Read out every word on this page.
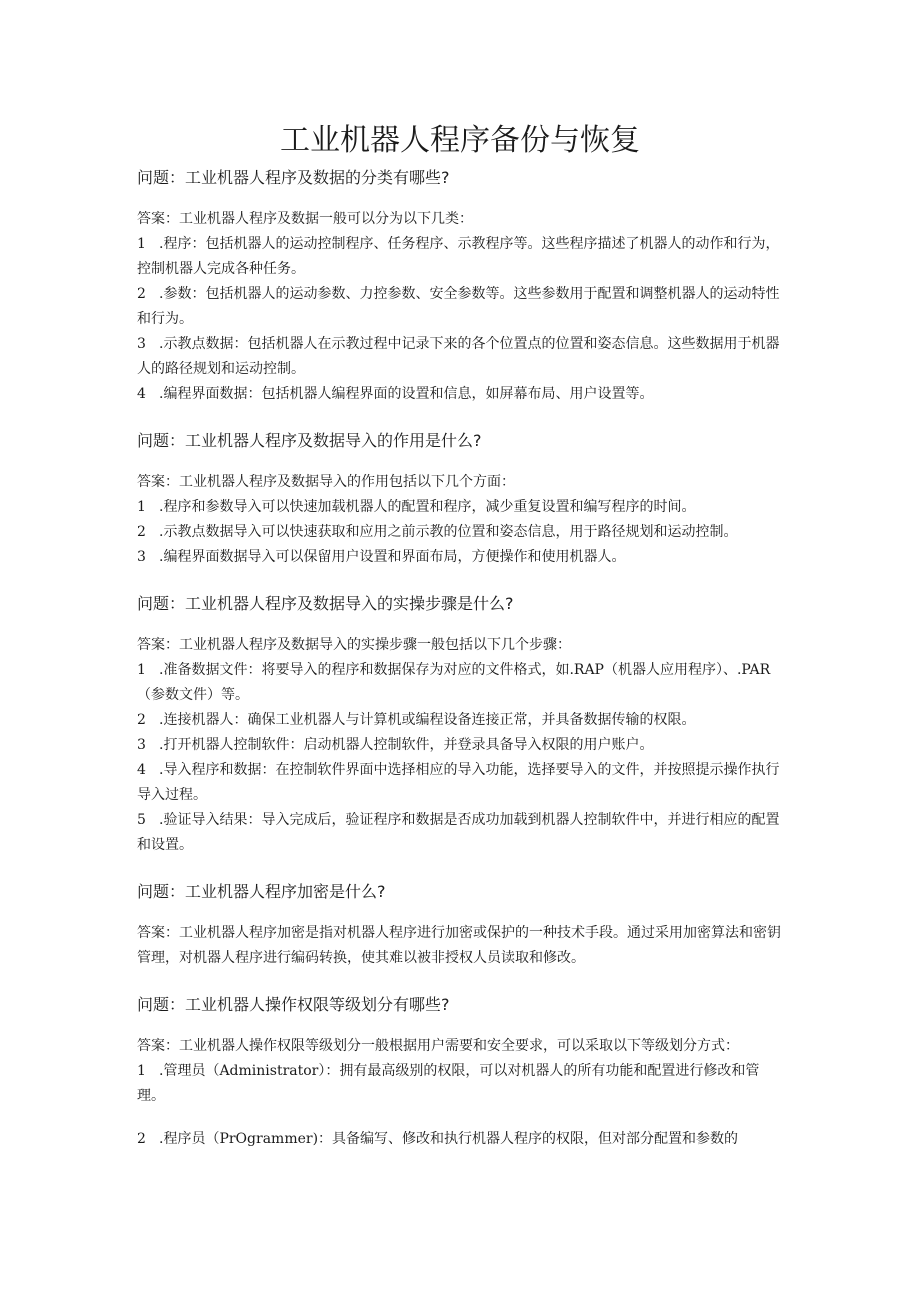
工业机器人程序备份与恢复

问题：工业机器人程序及数据的分类有哪些?

答案：工业机器人程序及数据一般可以分为以下几类：

1 .程序：包括机器人的运动控制程序、任务程序、示教程序等。这些程序描述了机器人的动作和行为，控制机器人完成各种任务。

2 .参数：包括机器人的运动参数、力控参数、安全参数等。这些参数用于配置和调整机器人的运动特性和行为。

3 .示教点数据：包括机器人在示教过程中记录下来的各个位置点的位置和姿态信息。这些数据用于机器人的路径规划和运动控制。

4 .编程界面数据：包括机器人编程界面的设置和信息，如屏幕布局、用户设置等。

问题：工业机器人程序及数据导入的作用是什么?

答案：工业机器人程序及数据导入的作用包括以下几个方面：

1 .程序和参数导入可以快速加载机器人的配置和程序，减少重复设置和编写程序的时间。

2 .示教点数据导入可以快速获取和应用之前示教的位置和姿态信息，用于路径规划和运动控制。

3 .编程界面数据导入可以保留用户设置和界面布局，方便操作和使用机器人。

问题：工业机器人程序及数据导入的实操步骤是什么?

答案：工业机器人程序及数据导入的实操步骤一般包括以下几个步骤：

1 .准备数据文件：将要导入的程序和数据保存为对应的文件格式，如.RAP（机器人应用程序）、.PAR（参数文件）等。

2 .连接机器人：确保工业机器人与计算机或编程设备连接正常，并具备数据传输的权限。

3 .打开机器人控制软件：启动机器人控制软件，并登录具备导入权限的用户账户。

4 .导入程序和数据：在控制软件界面中选择相应的导入功能，选择要导入的文件，并按照提示操作执行导入过程。

5 .验证导入结果：导入完成后，验证程序和数据是否成功加载到机器人控制软件中，并进行相应的配置和设置。

问题：工业机器人程序加密是什么?

答案：工业机器人程序加密是指对机器人程序进行加密或保护的一种技术手段。通过采用加密算法和密钥管理，对机器人程序进行编码转换，使其难以被非授权人员读取和修改。

问题：工业机器人操作权限等级划分有哪些?

答案：工业机器人操作权限等级划分一般根据用户需要和安全要求，可以采取以下等级划分方式：

1 .管理员（Administrator）：拥有最高级别的权限，可以对机器人的所有功能和配置进行修改和管理。

2 .程序员（PrOgrammer)：具备编写、修改和执行机器人程序的权限，但对部分配置和参数的
